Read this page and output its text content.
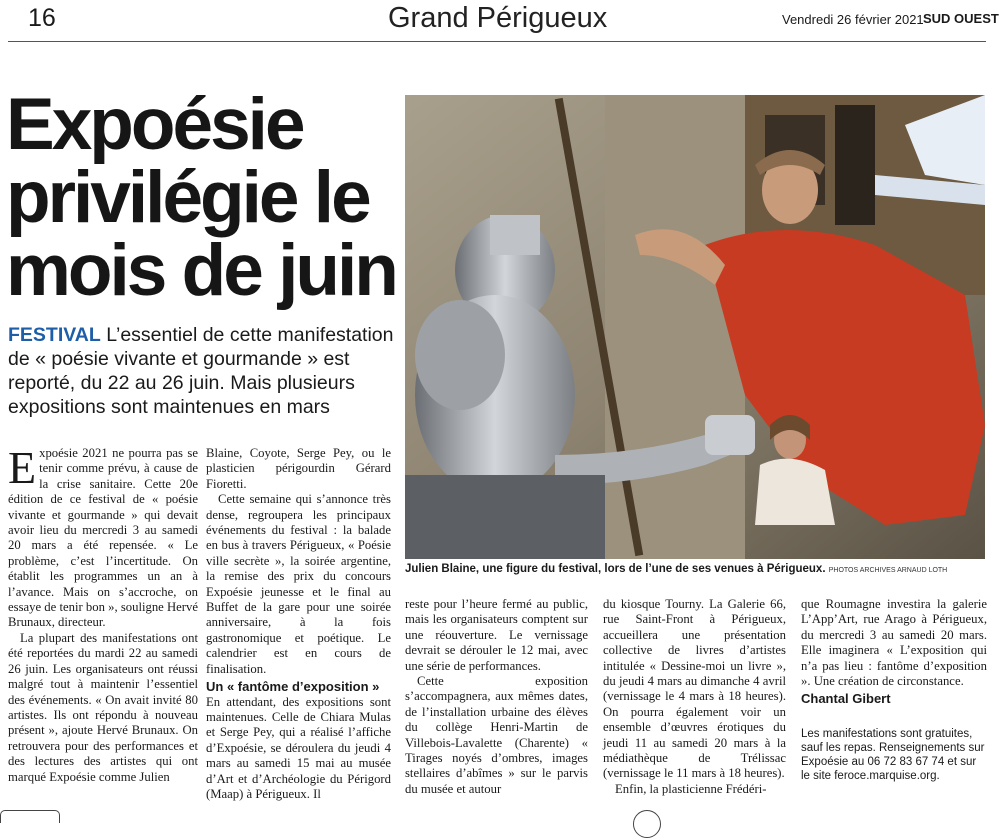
16	Grand Périgueux	Vendredi 26 février 2021 SUD OUEST
Expoésie privilégie le mois de juin
FESTIVAL L’essentiel de cette manifestation de « poésie vivante et gourmande » est reporté, du 22 au 26 juin. Mais plusieurs expositions sont maintenues en mars
Julien Blaine, une figure du festival, lors de l’une de ses venues à Périgueux. PHOTOS ARCHIVES ARNAUD LOTH

Expoésie 2021 ne pourra pas se tenir comme prévu, à cause de la crise sanitaire. Cette 20e édition de ce festival de « poésie vivante et gourmande » qui devait avoir lieu du mercredi 3 au samedi 20 mars a été repensée. « Le problème, c’est l’incertitude. On établit les programmes un an à l’avance. Mais on s’accroche, on essaye de tenir bon », souligne Hervé Brunaux, directeur.

La plupart des manifestations ont été reportées du mardi 22 au samedi 26 juin. Les organisateurs ont réussi malgré tout à maintenir l’essentiel des événements. « On avait invité 80 artistes. Ils ont répondu à nouveau présent », ajoute Hervé Brunaux. On retrouvera pour des performances et des lectures des artistes qui ont marqué Expoésie comme Julien

Blaine, Coyote, Serge Pey, ou le plasticien périgourdin Gérard Fioretti.

Cette semaine qui s’annonce très dense, regroupera les principaux événements du festival : la balade en bus à travers Périgueux, « Poésie ville secrète », la soirée argentine, la remise des prix du concours Expoésie jeunesse et le final au Buffet de la gare pour une soirée anniversaire, à la fois gastronomique et poétique. Le calendrier est en cours de finalisation.

Un « fantôme d’exposition »

En attendant, des expositions sont maintenues. Celle de Chiara Mulas et Serge Pey, qui a réalisé l’affiche d’Expoésie, se déroulera du jeudi 4 mars au samedi 15 mai au musée d’Art et d’Archéologie du Périgord (Maap) à Périgueux. Il

reste pour l’heure fermé au public, mais les organisateurs comptent sur une réouverture. Le vernissage devrait se dérouler le 12 mai, avec une série de performances.

Cette exposition s’accompagnera, aux mêmes dates, de l’installation urbaine des élèves du collège Henri-Martin de Villebois-Lavalette (Charente) « Tirages noyés d’ombres, images stellaires d’abîmes » sur le parvis du musée et autour

du kiosque Tourny. La Galerie 66, rue Saint-Front à Périgueux, accueillera une présentation collective de livres d’artistes intitulée « Dessine-moi un livre », du jeudi 4 mars au dimanche 4 avril (vernissage le 4 mars à 18 heures). On pourra également voir un ensemble d’œuvres érotiques du jeudi 11 au samedi 20 mars à la médiathèque de Trélissac (vernissage le 11 mars à 18 heures).

Enfin, la plasticienne Frédéri-

que Roumagne investira la galerie L’App’Art, rue Arago à Périgueux, du mercredi 3 au samedi 20 mars. Elle imaginera « L’exposition qui n’a pas lieu : fantôme d’exposition ». Une création de circonstance.

Chantal Gibert
Les manifestations sont gratuites, sauf les repas. Renseignements sur Expoésie au 06 72 83 67 74 et sur le site feroce.marquise.org.
